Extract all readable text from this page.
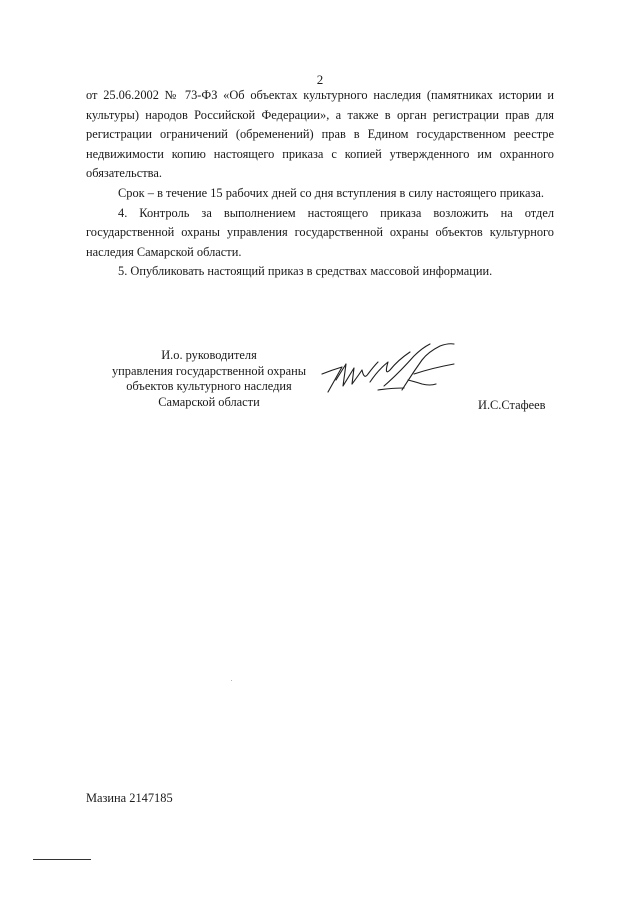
2

от 25.06.2002 № 73-ФЗ «Об объектах культурного наследия (памятниках истории и культуры) народов Российской Федерации», а также в орган регистрации прав для регистрации ограничений (обременений) прав в Едином государственном реестре недвижимости копию настоящего приказа с копией утвержденного им охранного обязательства.

Срок – в течение 15 рабочих дней со дня вступления в силу настоящего приказа.

4. Контроль за выполнением настоящего приказа возложить на отдел государственной охраны управления государственной охраны объектов культурного наследия Самарской области.

5. Опубликовать настоящий приказ в средствах массовой информации.

И.о. руководителя
управления государственной охраны
объектов культурного наследия
Самарской области	И.С.Стафеев
Мазина 2147185
